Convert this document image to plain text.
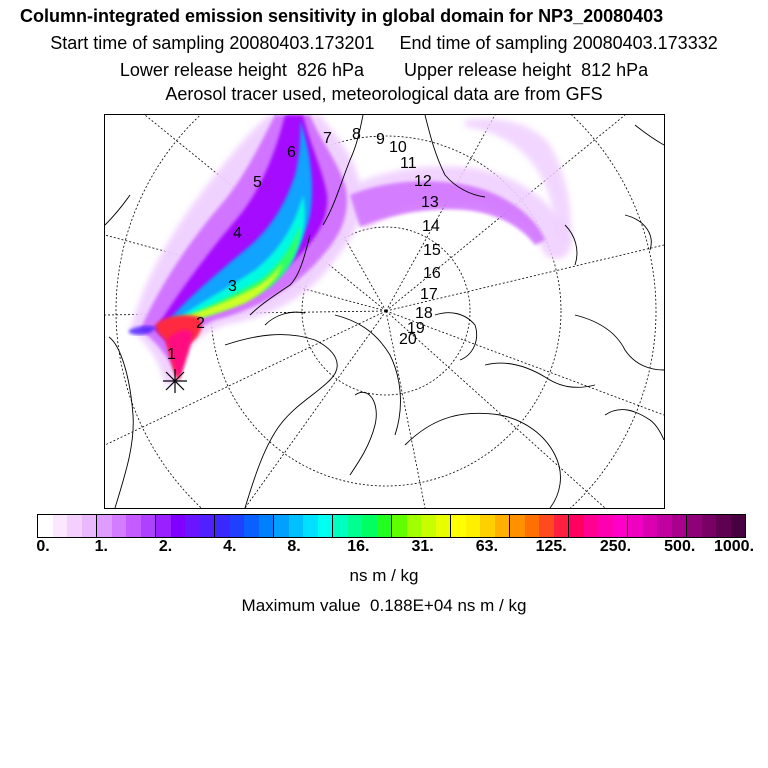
Column-integrated emission sensitivity in global domain for NP3_20080403
Start time of sampling 20080403.173201     End time of sampling 20080403.173332
Lower release height  826 hPa        Upper release height  812 hPa
Aerosol tracer used, meteorological data are from GFS
1
2
3
4
5
6
7 8 9 10
11
12
13
14
15
16
17
18
19
20
0.	1.	2.	4.	8.	16.	31.	63. 125. 250. 500. 1000.
ns m / kg
Maximum value  0.188E+04 ns m / kg
